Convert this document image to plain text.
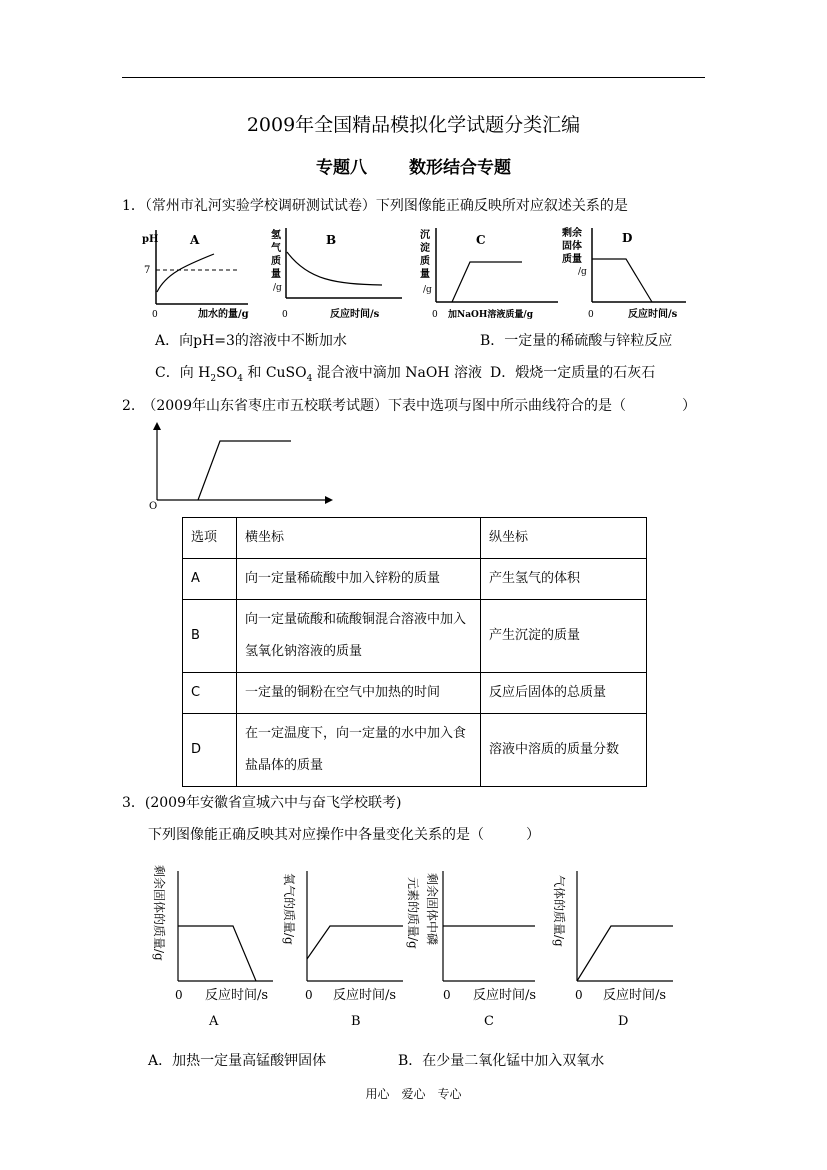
2009年全国精品模拟化学试题分类汇编
专题八 数形结合专题
1．（常州市礼河实验学校调研测试试卷）下列图像能正确反映所对应叙述关系的是
pH
7
A
0	加水的量/g
氢
气
质
量
/g
B
0	反应时间/s
沉
淀
质
量
/g
C
0 加NaOH溶液质量/g
剩余
固体
质量
/g
D
0	反应时间/s
A．向pH=3的溶液中不断加水	B．一定量的稀硫酸与锌粒反应
C．向 $H_2SO_4$ 和 CuSO$_4$ 混合液中滴加 NaOH 溶液 D．煅烧一定质量的石灰石
2.　（2009年山东省枣庄市五校联考试题）下表中选项与图中所示曲线符合的是（　　　　）
O
选项	横坐标	纵坐标
A	向一定量稀硫酸中加入锌粉的质量	产生氢气的体积
B	向一定量硫酸和硫酸铜混合溶液中加入氢氧化钠溶液的质量	产生沉淀的质量
C	一定量的铜粉在空气中加热的时间	反应后固体的总质量
D	在一定温度下，向一定量的水中加入食盐晶体的质量	溶液中溶质的质量分数
3．(2009年安徽省宣城六中与奋飞学校联考)
下列图像能正确反映其对应操作中各量变化关系的是（　　　）
剩余固体的质量/g
0 反应时间/s
A
氧气的质量/g
0 反应时间/s
B
元素的质量/g 剩余固体中磷
0 反应时间/s
C
气体的质量/g
0 反应时间/s
D
A．加热一定量高锰酸钾固体	B．在少量二氧化锰中加入双氧水
用心　爱心　专心
